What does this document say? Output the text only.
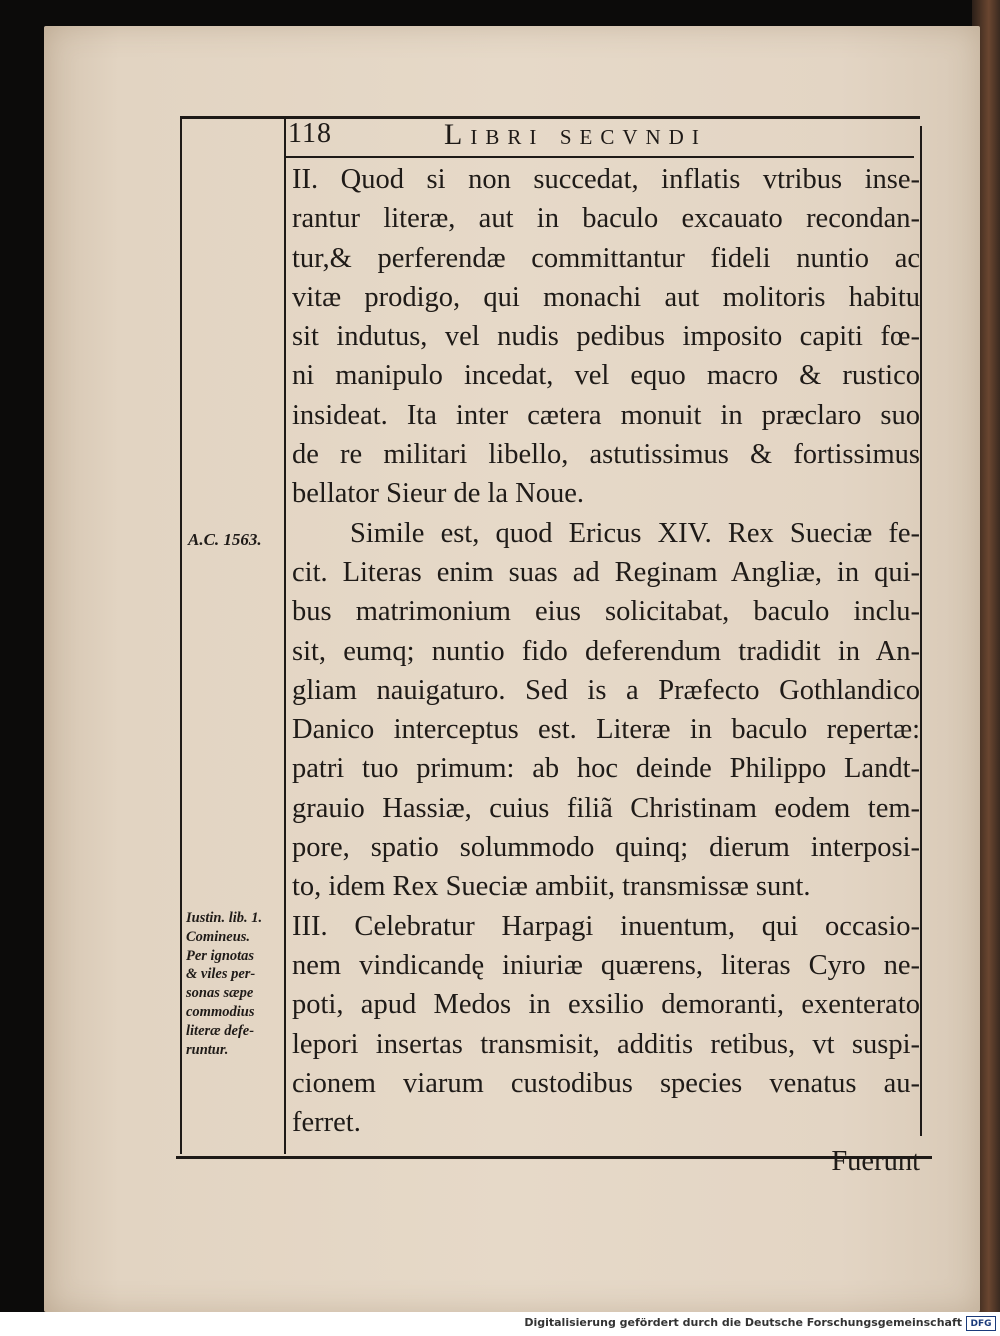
118	Libri secvndi
II. Quod si non succedat, inflatis vtribus inse-
rantur literæ, aut in baculo excauato recondan-
tur,& perferendæ committantur fideli nuntio ac
vitæ prodigo, qui monachi aut molitoris habitu
sit indutus, vel nudis pedibus imposito capiti fœ-
ni manipulo incedat, vel equo macro & rustico
insideat. Ita inter cætera monuit in præclaro suo
de re militari libello, astutissimus & fortissimus
bellator Sieur de la Noue.
Simile est, quod Ericus XIV. Rex Sueciæ fe-
cit. Literas enim suas ad Reginam Angliæ, in qui-
bus matrimonium eius solicitabat, baculo inclu-
sit, eumq; nuntio fido deferendum tradidit in An-
gliam nauigaturo. Sed is a Præfecto Gothlandico
Danico interceptus est. Literæ in baculo repertæ:
patri tuo primum: ab hoc deinde Philippo Landt-
grauio Hassiæ, cuius filiã Christinam eodem tem-
pore, spatio solummodo quinq; dierum interposi-
to, idem Rex Sueciæ ambiit, transmissæ sunt.
III. Celebratur Harpagi inuentum, qui occasio-
nem vindicandę iniuriæ quærens, literas Cyro ne-
poti, apud Medos in exsilio demoranti, exenterato
lepori insertas transmisit, additis retibus, vt suspi-
cionem viarum custodibus species venatus au-
ferret.
Fuerunt
A.C. 1563.
Iustin. lib. 1.
Comineus.
Per ignotas
& viles per-
sonas sæpe
commodius
literæ defe-
runtur.
Digitalisierung gefördert durch die Deutsche Forschungsgemeinschaft DFG
